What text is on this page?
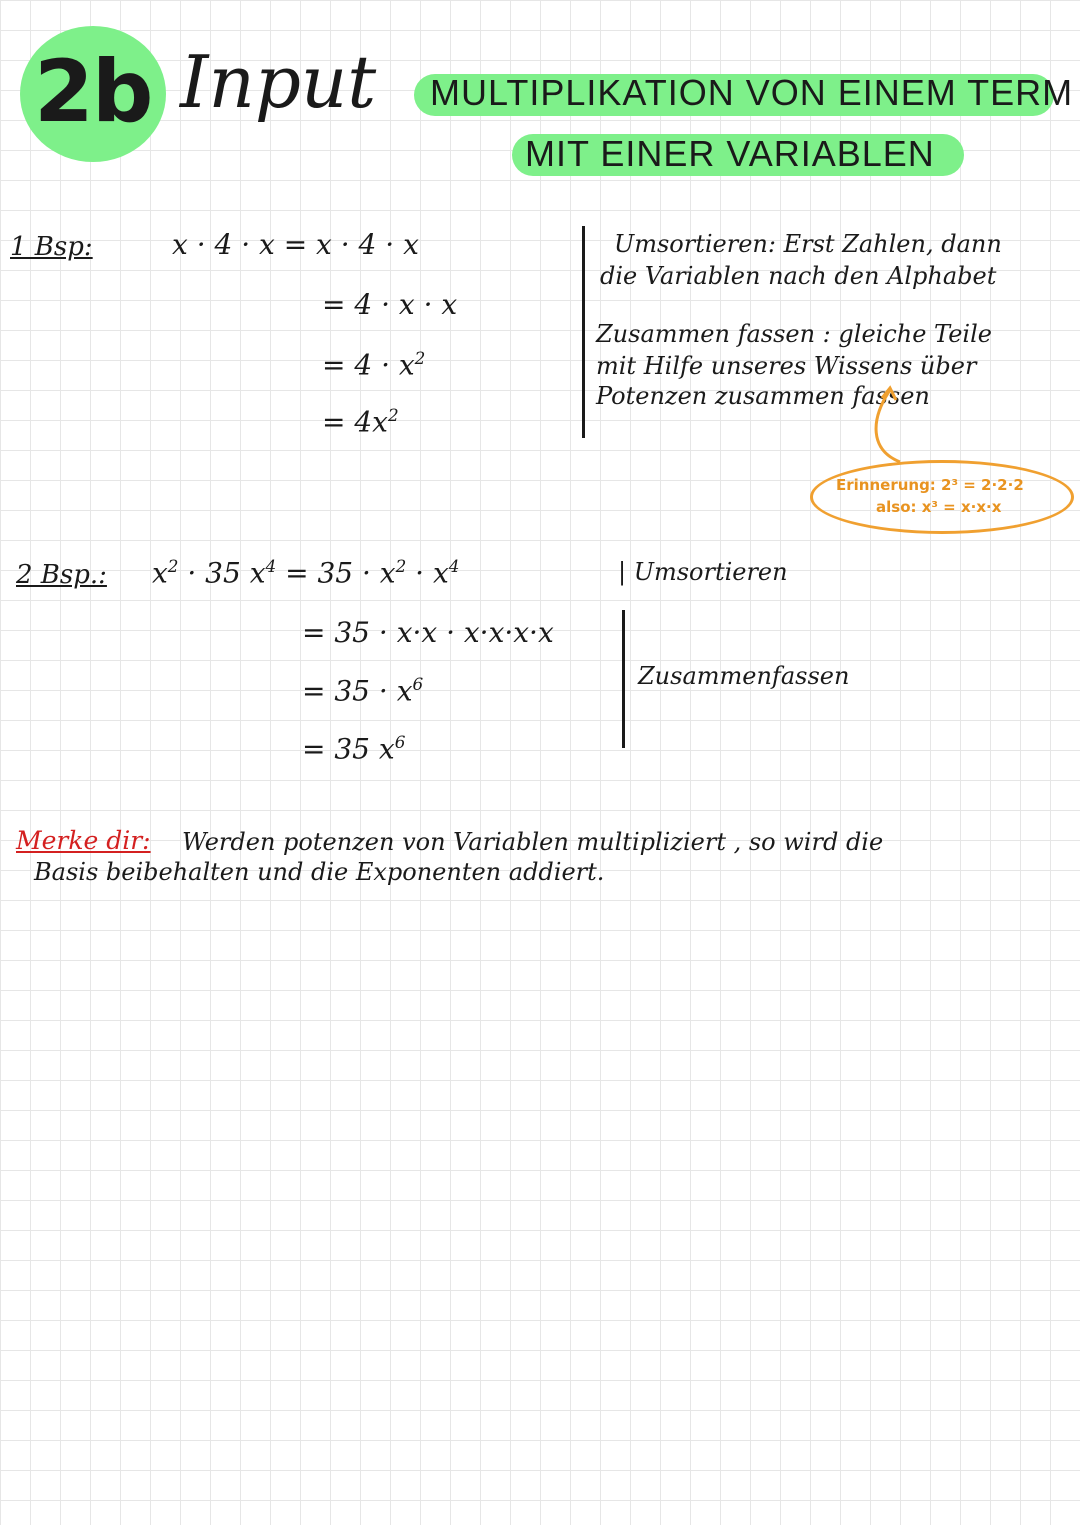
2b Input MULTIPLIKATION VON EINEM TERM
MIT EINER VARIABLEN
1 Bsp:	x · 4 · x = x · 4 · x
= 4 · x · x
= $4 \cdot x^2$
= $4x^2$
Umsortieren: Erst Zahlen, dann
die Variablen nach den Alphabet
Zusammen fassen : gleiche Teile
mit Hilfe unseres Wissens über
Potenzen zusammen fassen
Erinnerung: 2³ = 2·2·2
also: x³ = x·x·x
2 Bsp.: $x^2 \cdot 35$ $x^4 = 35 \cdot x^2 \cdot x^4$
= 35 · x·x · x·x·x·x
= $35 \cdot x^6$
= 35 $x^6$
| Umsortieren
Zusammenfassen
Merke dir: Werden potenzen von Variablen multipliziert , so wird die
Basis beibehalten und die Exponenten addiert.
